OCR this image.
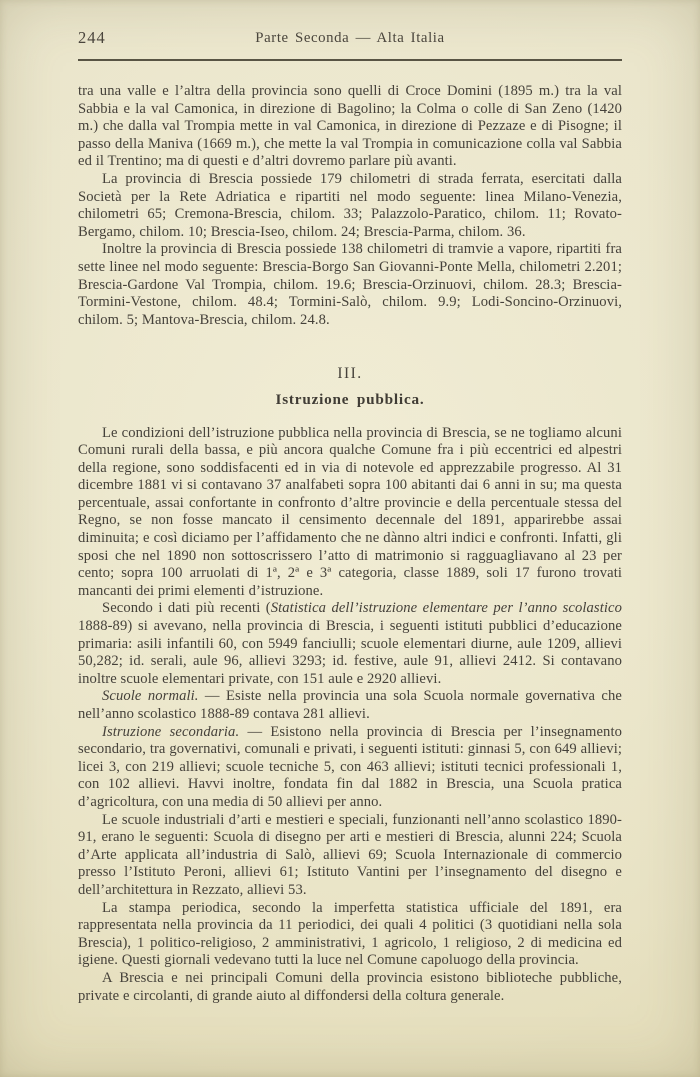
244	Parte Seconda — Alta Italia

tra una valle e l’altra della provincia sono quelli di Croce Domini (1895 m.) tra la val Sabbia e la val Camonica, in direzione di Bagolino; la Colma o colle di San Zeno (1420 m.) che dalla val Trompia mette in val Camonica, in direzione di Pezzaze e di Pisogne; il passo della Maniva (1669 m.), che mette la val Trompia in comunicazione colla val Sabbia ed il Trentino; ma di questi e d’altri dovremo parlare più avanti.

La provincia di Brescia possiede 179 chilometri di strada ferrata, esercitati dalla Società per la Rete Adriatica e ripartiti nel modo seguente: linea Milano-Venezia, chilometri 65; Cremona-Brescia, chilom. 33; Palazzolo-Paratico, chilom. 11; Rovato-Bergamo, chilom. 10; Brescia-Iseo, chilom. 24; Brescia-Parma, chilom. 36.

Inoltre la provincia di Brescia possiede 138 chilometri di tramvie a vapore, ripartiti fra sette linee nel modo seguente: Brescia-Borgo San Giovanni-Ponte Mella, chilometri 2.201; Brescia-Gardone Val Trompia, chilom. 19.6; Brescia-Orzinuovi, chilom. 28.3; Brescia-Tormini-Vestone, chilom. 48.4; Tormini-Salò, chilom. 9.9; Lodi-Soncino-Orzinuovi, chilom. 5; Mantova-Brescia, chilom. 24.8.

III.
Istruzione pubblica.

Le condizioni dell’istruzione pubblica nella provincia di Brescia, se ne togliamo alcuni Comuni rurali della bassa, e più ancora qualche Comune fra i più eccentrici ed alpestri della regione, sono soddisfacenti ed in via di notevole ed apprezzabile progresso. Al 31 dicembre 1881 vi si contavano 37 analfabeti sopra 100 abitanti dai 6 anni in su; ma questa percentuale, assai confortante in confronto d’altre provincie e della percentuale stessa del Regno, se non fosse mancato il censimento decennale del 1891, apparirebbe assai diminuita; e così diciamo per l’affidamento che ne dànno altri indici e confronti. Infatti, gli sposi che nel 1890 non sottoscrissero l’atto di matrimonio si ragguagliavano al 23 per cento; sopra 100 arruolati di 1ª, 2ª e 3ª categoria, classe 1889, soli 17 furono trovati mancanti dei primi elementi d’istruzione.

Secondo i dati più recenti (Statistica dell’istruzione elementare per l’anno scolastico 1888-89) si avevano, nella provincia di Brescia, i seguenti istituti pubblici d’educazione primaria: asili infantili 60, con 5949 fanciulli; scuole elementari diurne, aule 1209, allievi 50,282; id. serali, aule 96, allievi 3293; id. festive, aule 91, allievi 2412. Si contavano inoltre scuole elementari private, con 151 aule e 2920 allievi.

Scuole normali. — Esiste nella provincia una sola Scuola normale governativa che nell’anno scolastico 1888-89 contava 281 allievi.

Istruzione secondaria. — Esistono nella provincia di Brescia per l’insegnamento secondario, tra governativi, comunali e privati, i seguenti istituti: ginnasi 5, con 649 allievi; licei 3, con 219 allievi; scuole tecniche 5, con 463 allievi; istituti tecnici professionali 1, con 102 allievi. Havvi inoltre, fondata fin dal 1882 in Brescia, una Scuola pratica d’agricoltura, con una media di 50 allievi per anno.

Le scuole industriali d’arti e mestieri e speciali, funzionanti nell’anno scolastico 1890-91, erano le seguenti: Scuola di disegno per arti e mestieri di Brescia, alunni 224; Scuola d’Arte applicata all’industria di Salò, allievi 69; Scuola Internazionale di commercio presso l’Istituto Peroni, allievi 61; Istituto Vantini per l’insegnamento del disegno e dell’architettura in Rezzato, allievi 53.

La stampa periodica, secondo la imperfetta statistica ufficiale del 1891, era rappresentata nella provincia da 11 periodici, dei quali 4 politici (3 quotidiani nella sola Brescia), 1 politico-religioso, 2 amministrativi, 1 agricolo, 1 religioso, 2 di medicina ed igiene. Questi giornali vedevano tutti la luce nel Comune capoluogo della provincia.

A Brescia e nei principali Comuni della provincia esistono biblioteche pubbliche, private e circolanti, di grande aiuto al diffondersi della coltura generale.
